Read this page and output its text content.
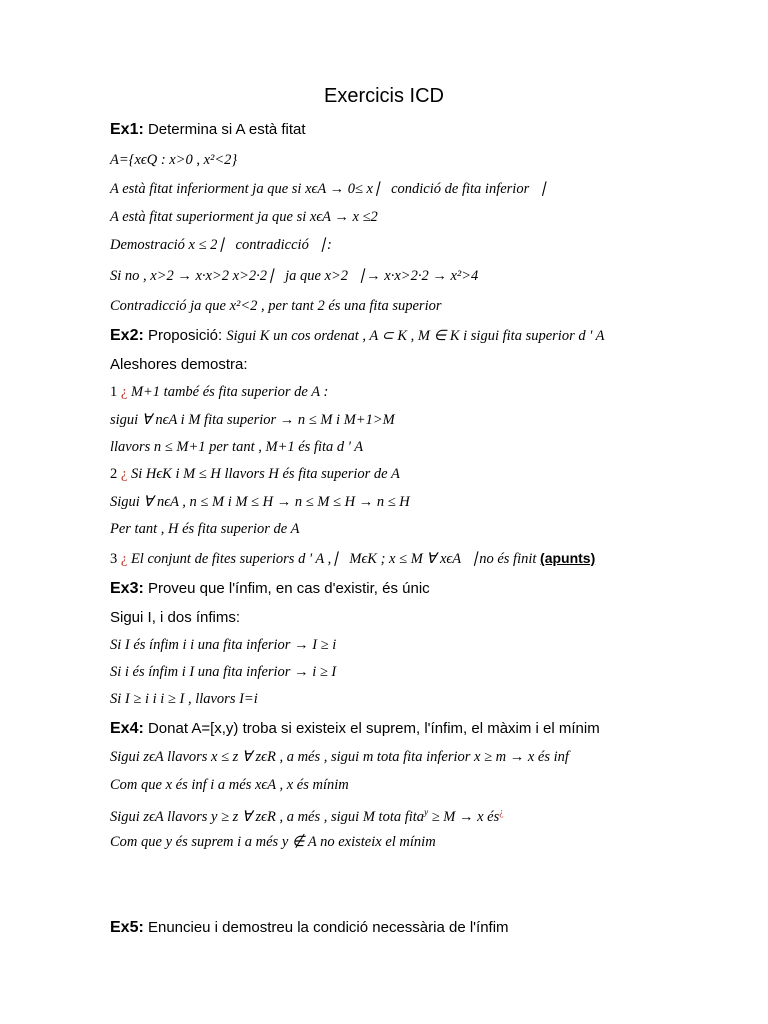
Exercicis ICD
Ex1: Determina si A està fitat
A={xϵQ : x>0 , x²<2}
A està fitat inferiorment ja que si xϵA → 0≤ x ⎸condició de fita inferior⎹
A està fitat superiorment ja que si xϵA → x ≤2
Demostració x ≤ 2 ⎸contradicció⎹ :
Si no , x>2 → x·x>2 x>2·2 ⎸ja que x>2⎹ → x·x>2·2 → x²>4
Contradicció ja que x²<2 , per tant 2 és una fita superior
Ex2: Proposició: Sigui K un cos ordenat , A ⊂ K , M ∈ K i sigui fita superior d ' A
Aleshores demostra:
1 ¿ M+1 també és fita superior de A :
sigui ∀ nϵA i M fita superior → n ≤ M i M+1>M
llavors n ≤ M+1 per tant , M+1 és fita d ' A
2 ¿ Si HϵK i M ≤ H llavors H és fita superior de A
Sigui ∀ nϵA , n ≤ M i M ≤ H → n ≤ M ≤ H → n ≤ H
Per tant , H és fita superior de A
3 ¿ El conjunt de fites superiors d ' A , ⎸MϵK ; x ≤ M ∀ xϵA⎹ no és finit (apunts)
Ex3: Proveu que l'ínfim, en cas d'existir, és únic
Sigui I, i dos ínfims:
Si I és ínfim i i una fita inferior → I ≥ i
Si i és ínfim i I una fita inferior → i ≥ I
Si I ≥ i i i ≥ I , llavors I=i
Ex4: Donat A=[x,y) troba si existeix el suprem, l'ínfim, el màxim i el mínim
Sigui zϵA llavors x ≤ z ∀ zϵR , a més , sigui m tota fita inferior x ≥ m → x és inf
Com que x és inf i a més xϵA , x és mínim
Sigui zϵA llavors y ≥ z ∀ zϵR , a més , sigui M tota fita$^y$ ≥ M → x és¿
Com que y és suprem i a més y ∉ A no existeix el mínim
Ex5: Enuncieu i demostreu la condició necessària de l'ínfim
